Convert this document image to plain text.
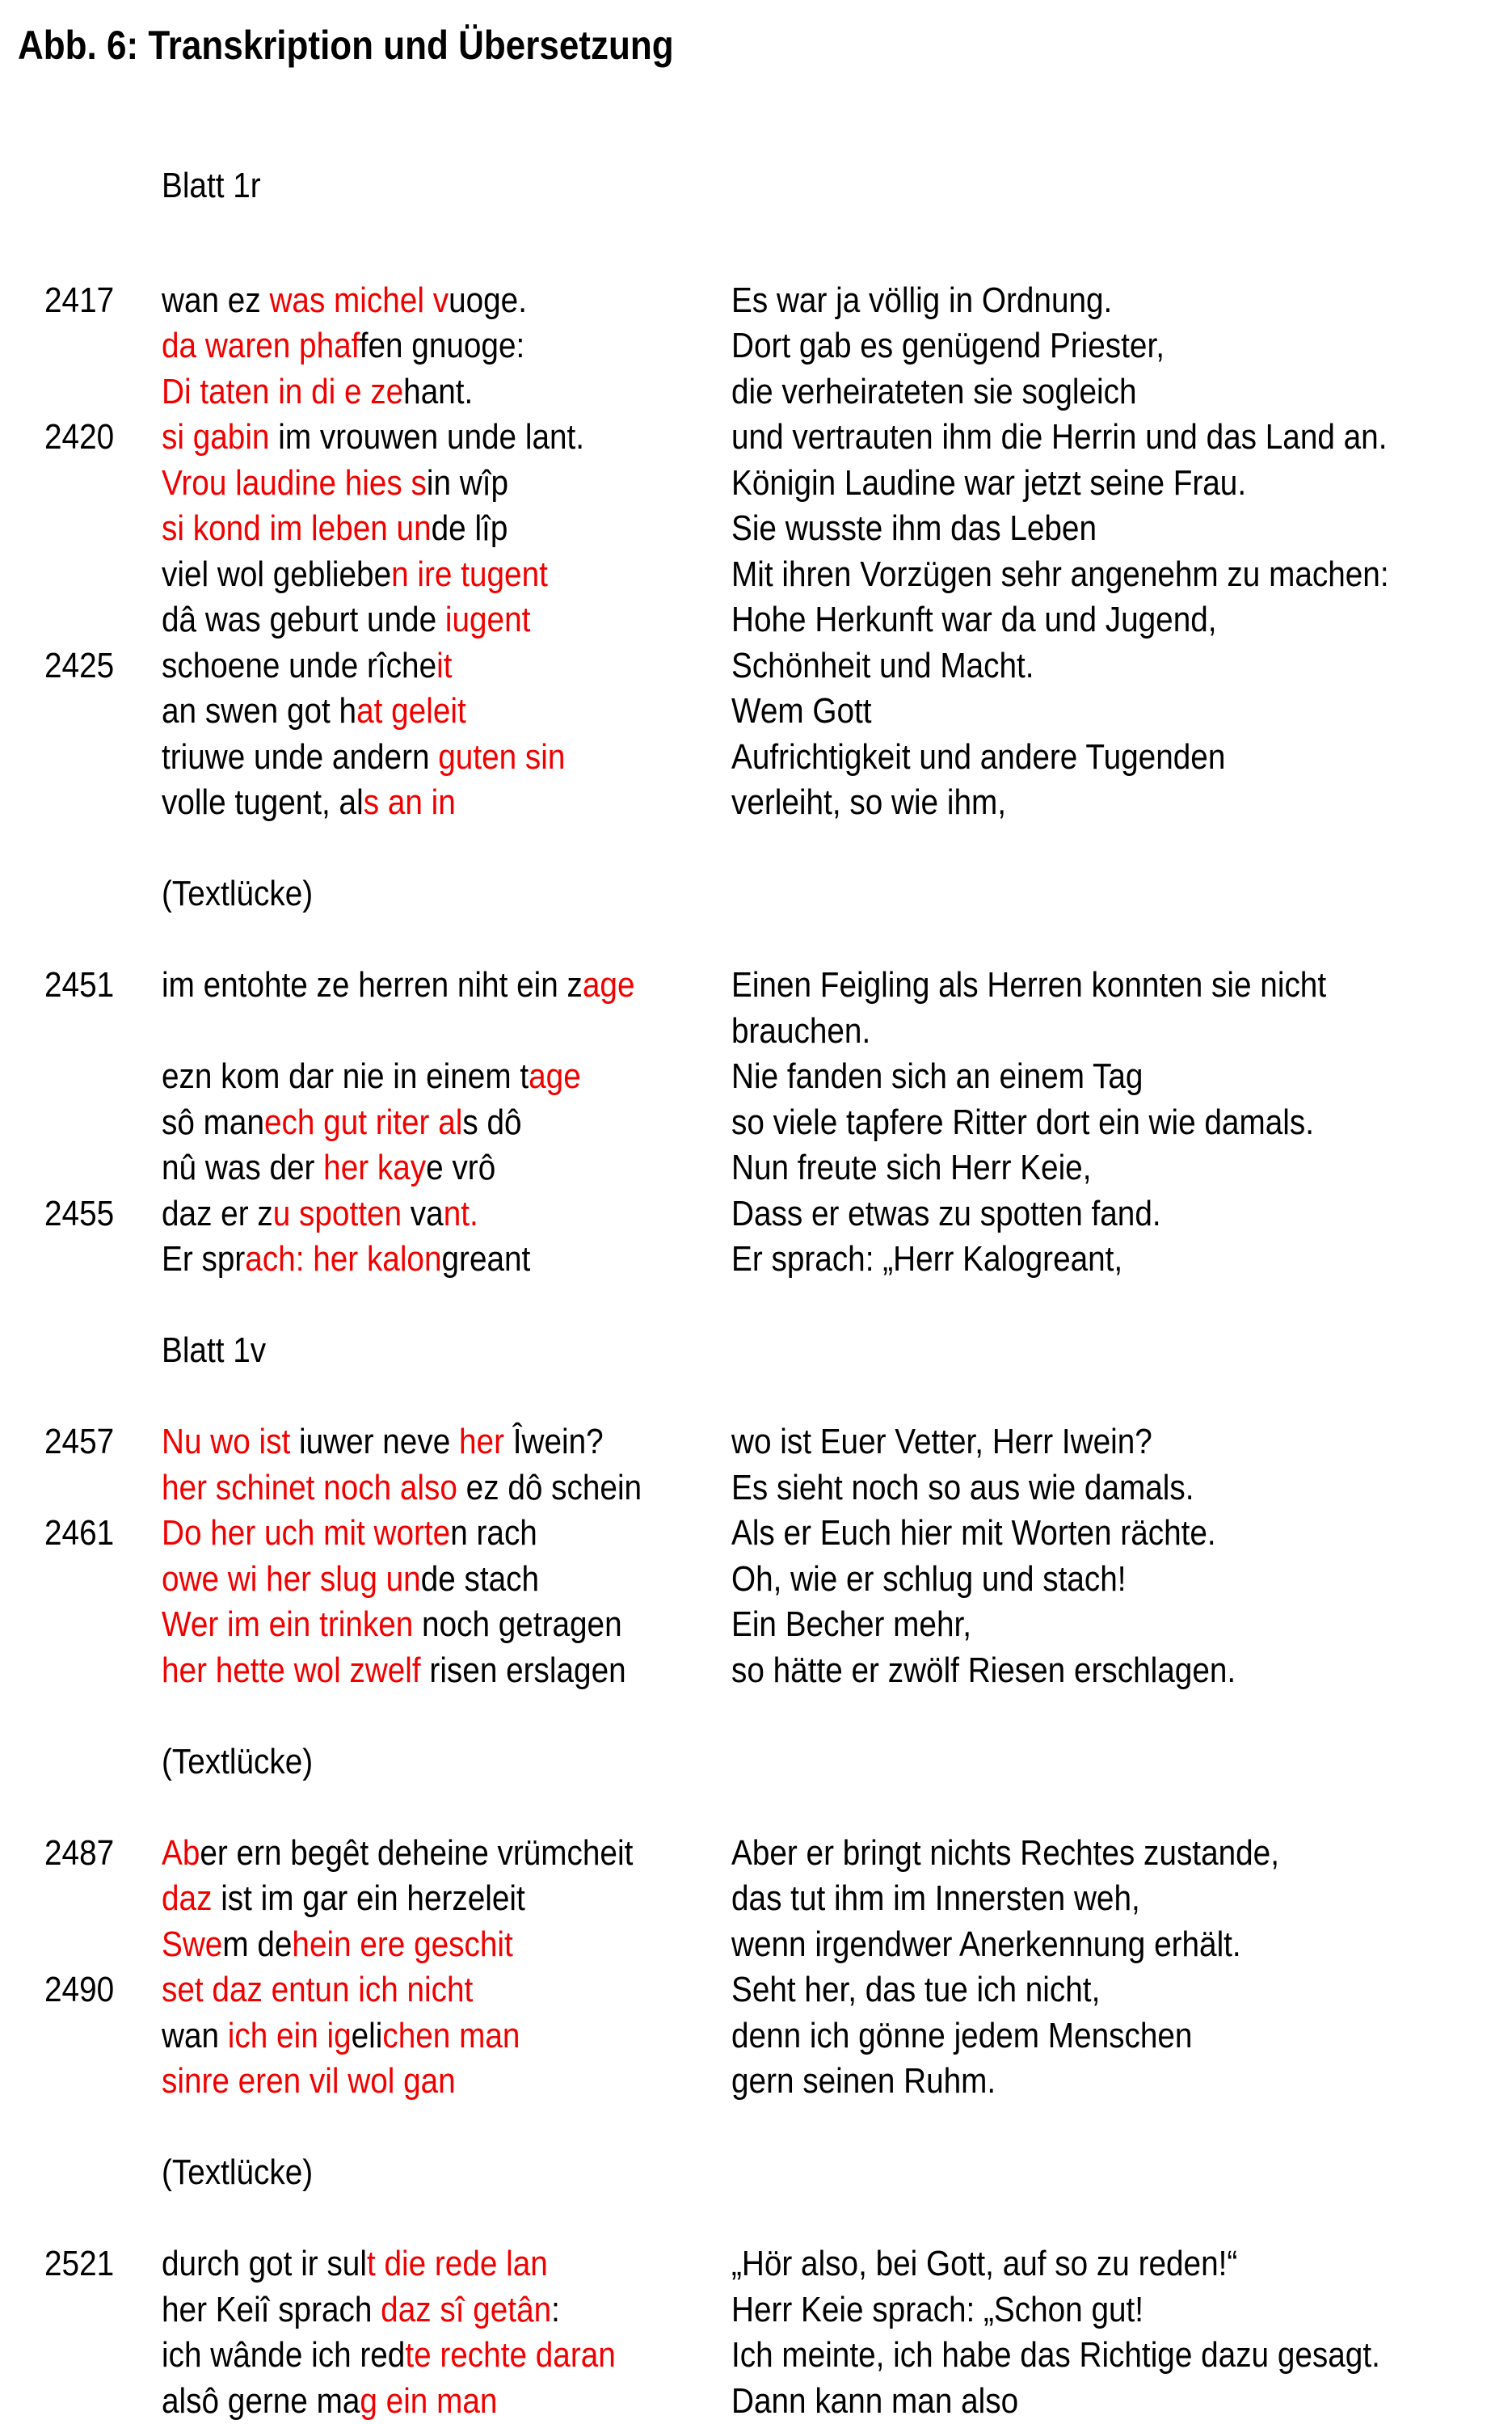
Abb. 6: Transkription und Übersetzung
Blatt 1r
2417	wan ez was michel vuoge.	Es war ja völlig in Ordnung.
da waren phaffen gnuoge:	Dort gab es genügend Priester,
Di taten in di e zehant.	die verheirateten sie sogleich
2420	si gabin im vrouwen unde lant.	und vertrauten ihm die Herrin und das Land an.
Vrou laudine hies sin wîp	Königin Laudine war jetzt seine Frau.
si kond im leben unde lîp	Sie wusste ihm das Leben
viel wol geblieben ire tugent	Mit ihren Vorzügen sehr angenehm zu machen:
dâ was geburt unde iugent	Hohe Herkunft war da und Jugend,
2425	schoene unde rîcheit	Schönheit und Macht.
an swen got hat geleit	Wem Gott
triuwe unde andern guten sin	Aufrichtigkeit und andere Tugenden
volle tugent, als an in	verleiht, so wie ihm,
(Textlücke)
2451	im entohte ze herren niht ein zage	Einen Feigling als Herren konnten sie nicht
brauchen.
ezn kom dar nie in einem tage	Nie fanden sich an einem Tag
sô manech gut riter als dô	so viele tapfere Ritter dort ein wie damals.
nû was der her kaye vrô	Nun freute sich Herr Keie,
2455	daz er zu spotten vant.	Dass er etwas zu spotten fand.
Er sprach: her kalongreant	Er sprach: „Herr Kalogreant,
Blatt 1v
2457	Nu wo ist iuwer neve her Îwein?	wo ist Euer Vetter, Herr Iwein?
her schinet noch also ez dô schein	Es sieht noch so aus wie damals.
2461	Do her uch mit worten rach	Als er Euch hier mit Worten rächte.
owe wi her slug unde stach	Oh, wie er schlug und stach!
Wer im ein trinken noch getragen	Ein Becher mehr,
her hette wol zwelf risen erslagen	so hätte er zwölf Riesen erschlagen.
(Textlücke)
2487	Aber ern begêt deheine vrümcheit	Aber er bringt nichts Rechtes zustande,
daz ist im gar ein herzeleit	das tut ihm im Innersten weh,
Swem dehein ere geschit	wenn irgendwer Anerkennung erhält.
2490	set daz entun ich nicht	Seht her, das tue ich nicht,
wan ich ein igelichen man	denn ich gönne jedem Menschen
sinre eren vil wol gan	gern seinen Ruhm.
(Textlücke)
2521	durch got ir sult die rede lan	„Hör also, bei Gott, auf so zu reden!“
her Keiî sprach daz sî getân:	Herr Keie sprach: „Schon gut!
ich wânde ich redte rechte daran	Ich meinte, ich habe das Richtige dazu gesagt.
alsô gerne mag ein man	Dann kann man also
